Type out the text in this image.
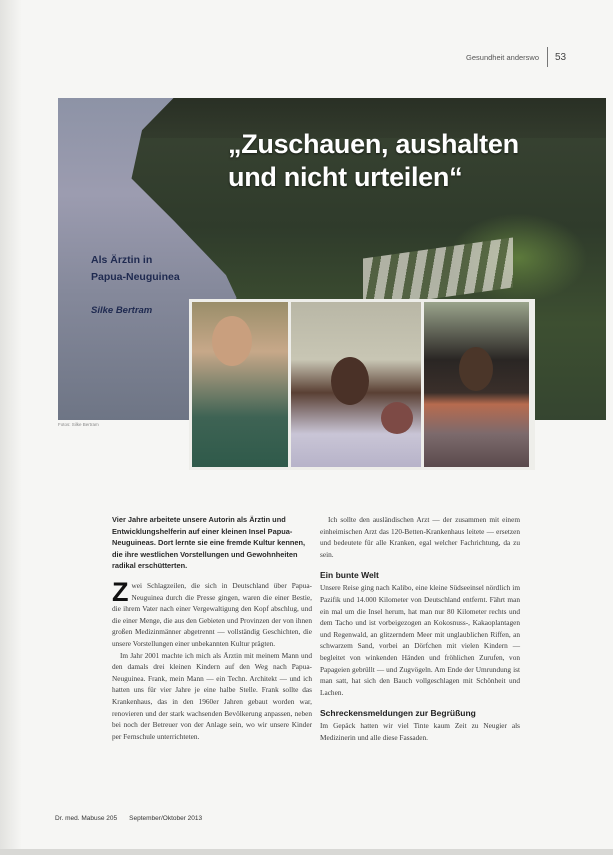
Gesundheit anderswo	53
„Zuschauen, aushalten
und nicht urteilen“
Als Ärztin in
Papua-Neuguinea
Silke Bertram
Fotos: Silke Bertram

Vier Jahre arbeitete unsere Autorin als Ärztin und Entwicklungshelferin auf einer kleinen Insel Papua-Neuguineas. Dort lernte sie eine fremde Kultur kennen, die ihre westlichen Vorstellungen und Gewohnheiten radikal erschütterten.

Zwei Schlagzeilen, die sich in Deutschland über Papua-Neuguinea durch die Presse gingen, waren die einer Bestie, die ihrem Vater nach einer Vergewaltigung den Kopf abschlug, und die einer Menge, die aus den Gebieten und Provinzen der von ihnen großen Medizinmänner abgetrennt — vollständig Geschichten, die unsere Vorstellungen einer unbekannten Kultur prägten.

Im Jahr 2001 machte ich mich als Ärztin mit meinem Mann und den damals drei kleinen Kindern auf den Weg nach Papua-Neuguinea. Frank, mein Mann — ein Techn. Architekt — und ich hatten uns für vier Jahre je eine halbe Stelle. Frank sollte das Krankenhaus, das in den 1960er Jahren gebaut worden war, renovieren und der stark wachsenden Bevölkerung anpassen, neben bei noch der Betreuer von der Anlage sein, wo wir unsere Kinder per Fernschule unterrichteten.

Ich sollte den ausländischen Arzt — der zusammen mit einem einheimischen Arzt das 120-Betten-Krankenhaus leitete — ersetzen und bedeutete für alle Kranken, egal welcher Fachrichtung, da zu sein.

Ein bunte Welt

Unsere Reise ging nach Kalibo, eine kleine Südseeinsel nördlich im Pazifik und 14.000 Kilometer von Deutschland entfernt. Fährt man ein mal um die Insel herum, hat man nur 80 Kilometer rechts und dem Tacho und ist vorbeigezogen an Kokosnuss-, Kakaoplantagen und Regenwald, an glitzerndem Meer mit unglaublichen Riffen, an schwarzem Sand, vorbei an Dörfchen mit vielen Kindern — begleitet von winkenden Händen und fröhlichen Zurufen, von Papageien gebrüllt — und Zugvögeln. Am Ende der Umrundung ist man satt, hat sich den Bauch vollgeschlagen mit Schönheit und Lachen.

Schreckensmeldungen zur Begrüßung

Im Gepäck hatten wir viel Tinte kaum Zeit zu Neugier als Medizinerin und alle diese Fassaden.

Dr. med. Mabuse 205 September/Oktober 2013
